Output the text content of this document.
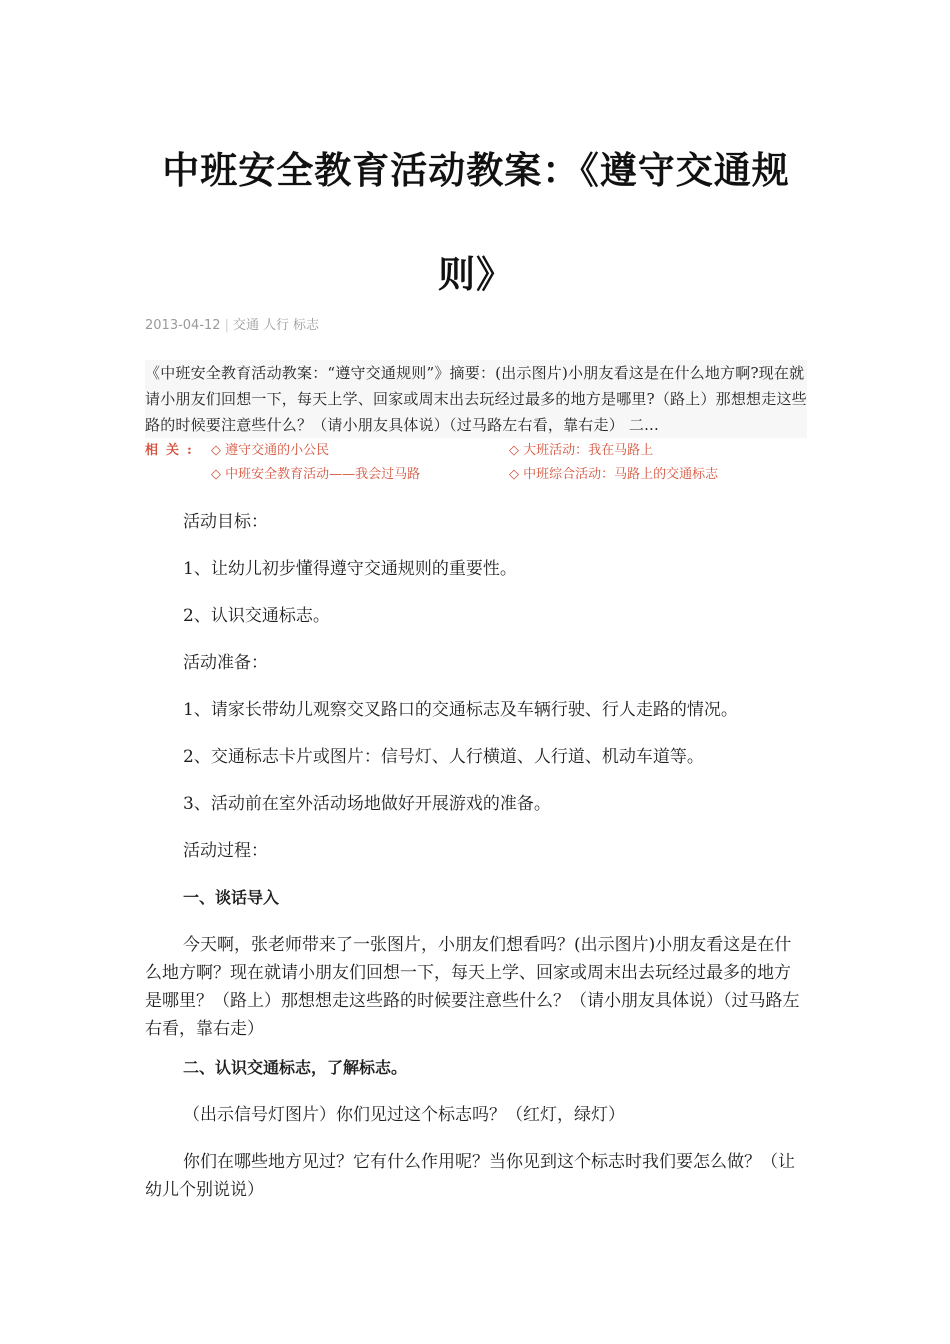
中班安全教育活动教案：《遵守交通规则》
2013-04-12 | 交通 人行 标志
《中班安全教育活动教案：“遵守交通规则”》摘要：(出示图片)小朋友看这是在什么地方啊?现在就请小朋友们回想一下，每天上学、回家或周末出去玩经过最多的地方是哪里?（路上）那想想走这些路的时候要注意些什么？（请小朋友具体说）（过马路左右看，靠右走） 二...
相关: ◇ 遵守交通的小公民	◇ 大班活动：我在马路上
◇ 中班安全教育活动——我会过马路	◇ 中班综合活动：马路上的交通标志

活动目标：

1、让幼儿初步懂得遵守交通规则的重要性。

2、认识交通标志。

活动准备：

1、请家长带幼儿观察交叉路口的交通标志及车辆行驶、行人走路的情况。

2、交通标志卡片或图片：信号灯、人行横道、人行道、机动车道等。

3、活动前在室外活动场地做好开展游戏的准备。

活动过程：

一、谈话导入

今天啊，张老师带来了一张图片，小朋友们想看吗？(出示图片)小朋友看这是在什么地方啊？现在就请小朋友们回想一下，每天上学、回家或周末出去玩经过最多的地方是哪里？（路上）那想想走这些路的时候要注意些什么？（请小朋友具体说）（过马路左右看，靠右走）

二、认识交通标志，了解标志。

（出示信号灯图片）你们见过这个标志吗？（红灯，绿灯）

你们在哪些地方见过？它有什么作用呢？当你见到这个标志时我们要怎么做？（让幼儿个别说说）
